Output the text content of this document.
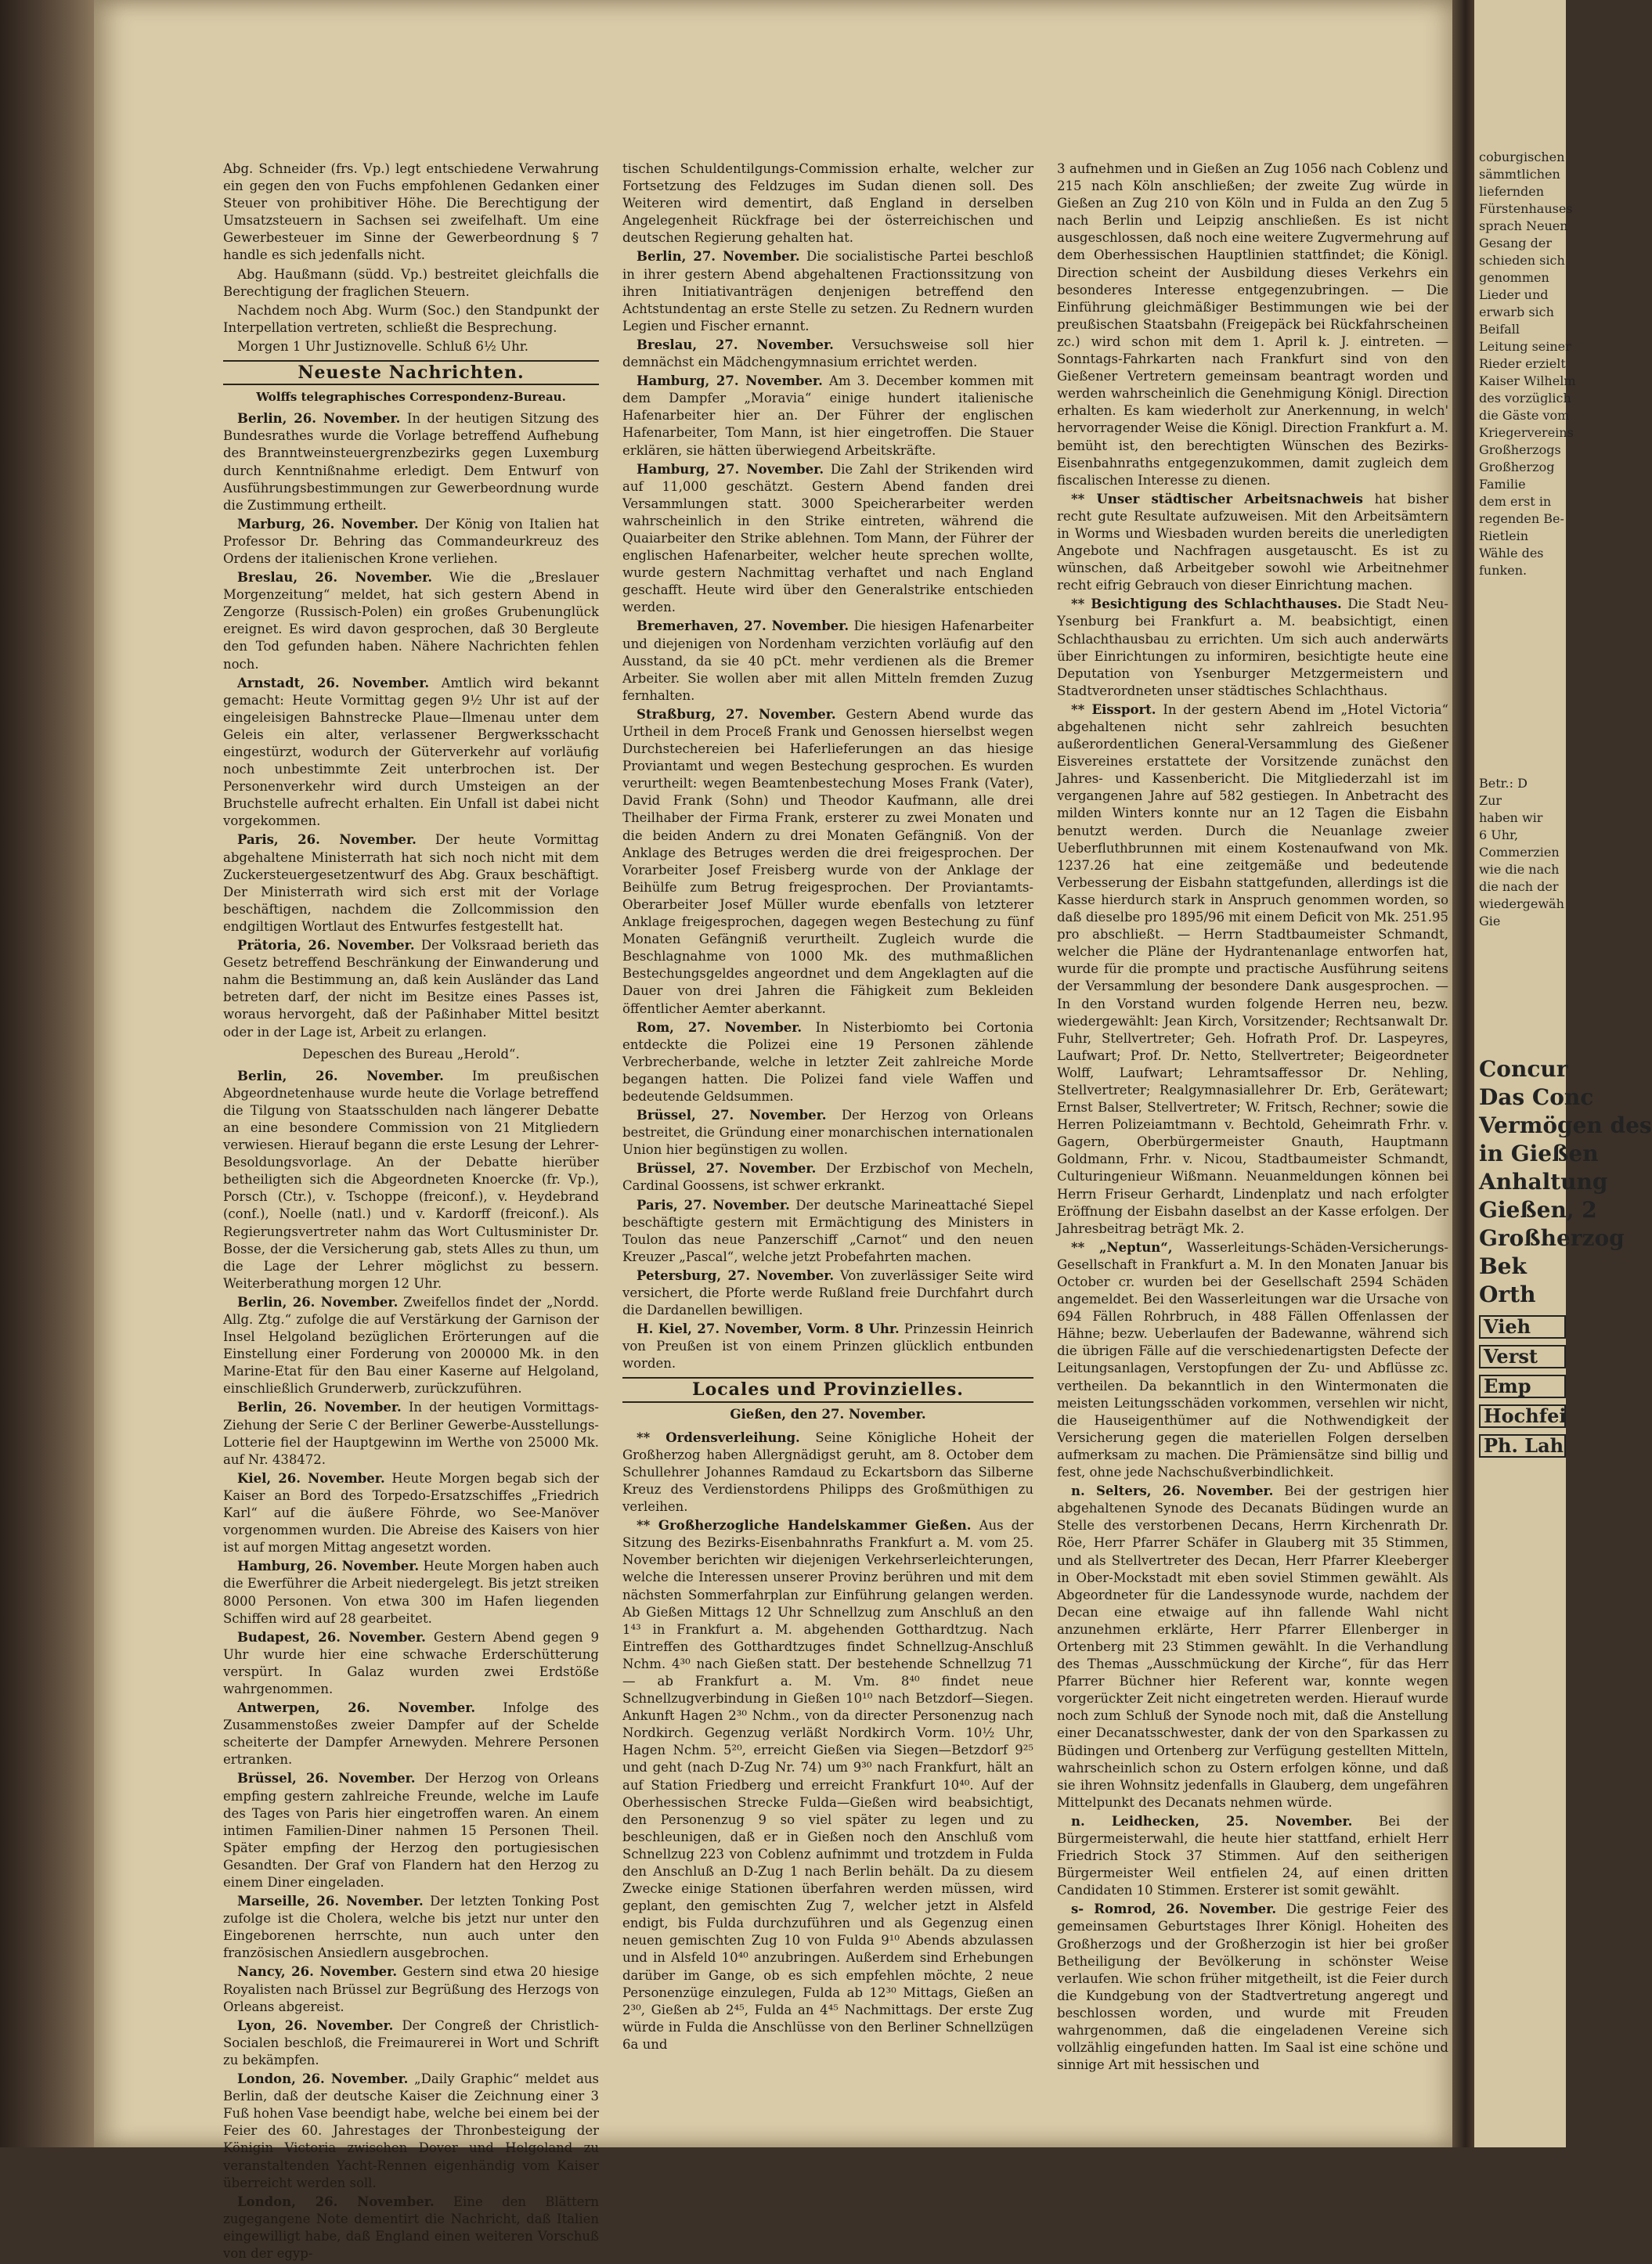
Abg. Schneider (frs. Vp.) legt entschiedene Verwahrung ein gegen den von Fuchs empfohlenen Gedanken einer Steuer von prohibitiver Höhe. Die Berechtigung der Umsatzsteuern in Sachsen sei zweifelhaft. Um eine Gewerbesteuer im Sinne der Gewerbeordnung § 7 handle es sich jedenfalls nicht.

Abg. Haußmann (südd. Vp.) bestreitet gleichfalls die Berechtigung der fraglichen Steuern.

Nachdem noch Abg. Wurm (Soc.) den Standpunkt der Interpellation vertreten, schließt die Besprechung.

Morgen 1 Uhr Justiznovelle. Schluß 6½ Uhr.

Neueste Nachrichten.
Wolffs telegraphisches Correspondenz-Bureau.

Berlin, 26. November. In der heutigen Sitzung des Bundesrathes wurde die Vorlage betreffend Aufhebung des Branntweinsteuergrenzbezirks gegen Luxemburg durch Kenntnißnahme erledigt. Dem Entwurf von Ausführungsbestimmungen zur Gewerbeordnung wurde die Zustimmung ertheilt.

Marburg, 26. November. Der König von Italien hat Professor Dr. Behring das Commandeurkreuz des Ordens der italienischen Krone verliehen.

Breslau, 26. November. Wie die „Breslauer Morgenzeitung“ meldet, hat sich gestern Abend in Zengorze (Russisch-Polen) ein großes Grubenunglück ereignet. Es wird davon gesprochen, daß 30 Bergleute den Tod gefunden haben. Nähere Nachrichten fehlen noch.

Arnstadt, 26. November. Amtlich wird bekannt gemacht: Heute Vormittag gegen 9½ Uhr ist auf der eingeleisigen Bahnstrecke Plaue—Ilmenau unter dem Geleis ein alter, verlassener Bergwerksschacht eingestürzt, wodurch der Güterverkehr auf vorläufig noch unbestimmte Zeit unterbrochen ist. Der Personenverkehr wird durch Umsteigen an der Bruchstelle aufrecht erhalten. Ein Unfall ist dabei nicht vorgekommen.

Paris, 26. November. Der heute Vormittag abgehaltene Ministerrath hat sich noch nicht mit dem Zuckersteuergesetzentwurf des Abg. Graux beschäftigt. Der Ministerrath wird sich erst mit der Vorlage beschäftigen, nachdem die Zollcommission den endgiltigen Wortlaut des Entwurfes festgestellt hat.

Prätoria, 26. November. Der Volksraad berieth das Gesetz betreffend Beschränkung der Einwanderung und nahm die Bestimmung an, daß kein Ausländer das Land betreten darf, der nicht im Besitze eines Passes ist, woraus hervorgeht, daß der Paßinhaber Mittel besitzt oder in der Lage ist, Arbeit zu erlangen.

Depeschen des Bureau „Herold“.

Berlin, 26. November. Im preußischen Abgeordnetenhause wurde heute die Vorlage betreffend die Tilgung von Staatsschulden nach längerer Debatte an eine besondere Commission von 21 Mitgliedern verwiesen. Hierauf begann die erste Lesung der Lehrer-Besoldungsvorlage. An der Debatte hierüber betheiligten sich die Abgeordneten Knoercke (fr. Vp.), Porsch (Ctr.), v. Tschoppe (freiconf.), v. Heydebrand (conf.), Noelle (natl.) und v. Kardorff (freiconf.). Als Regierungsvertreter nahm das Wort Cultusminister Dr. Bosse, der die Versicherung gab, stets Alles zu thun, um die Lage der Lehrer möglichst zu bessern. Weiterberathung morgen 12 Uhr.

Berlin, 26. November. Zweifellos findet der „Nordd. Allg. Ztg.“ zufolge die auf Verstärkung der Garnison der Insel Helgoland bezüglichen Erörterungen auf die Einstellung einer Forderung von 200000 Mk. in den Marine-Etat für den Bau einer Kaserne auf Helgoland, einschließlich Grunderwerb, zurückzuführen.

Berlin, 26. November. In der heutigen Vormittags-Ziehung der Serie C der Berliner Gewerbe-Ausstellungs-Lotterie fiel der Hauptgewinn im Werthe von 25000 Mk. auf Nr. 438472.

Kiel, 26. November. Heute Morgen begab sich der Kaiser an Bord des Torpedo-Ersatzschiffes „Friedrich Karl“ auf die äußere Föhrde, wo See-Manöver vorgenommen wurden. Die Abreise des Kaisers von hier ist auf morgen Mittag angesetzt worden.

Hamburg, 26. November. Heute Morgen haben auch die Ewerführer die Arbeit niedergelegt. Bis jetzt streiken 8000 Personen. Von etwa 300 im Hafen liegenden Schiffen wird auf 28 gearbeitet.

Budapest, 26. November. Gestern Abend gegen 9 Uhr wurde hier eine schwache Erderschütterung verspürt. In Galaz wurden zwei Erdstöße wahrgenommen.

Antwerpen, 26. November. Infolge des Zusammenstoßes zweier Dampfer auf der Schelde scheiterte der Dampfer Arnewyden. Mehrere Personen ertranken.

Brüssel, 26. November. Der Herzog von Orleans empfing gestern zahlreiche Freunde, welche im Laufe des Tages von Paris hier eingetroffen waren. An einem intimen Familien-Diner nahmen 15 Personen Theil. Später empfing der Herzog den portugiesischen Gesandten. Der Graf von Flandern hat den Herzog zu einem Diner eingeladen.

Marseille, 26. November. Der letzten Tonking Post zufolge ist die Cholera, welche bis jetzt nur unter den Eingeborenen herrschte, nun auch unter den französischen Ansiedlern ausgebrochen.

Nancy, 26. November. Gestern sind etwa 20 hiesige Royalisten nach Brüssel zur Begrüßung des Herzogs von Orleans abgereist.

Lyon, 26. November. Der Congreß der Christlich-Socialen beschloß, die Freimaurerei in Wort und Schrift zu bekämpfen.

London, 26. November. „Daily Graphic“ meldet aus Berlin, daß der deutsche Kaiser die Zeichnung einer 3 Fuß hohen Vase beendigt habe, welche bei einem bei der Feier des 60. Jahrestages der Thronbesteigung der Königin Victoria zwischen Dover und Helgoland zu veranstaltenden Yacht-Rennen eigenhändig vom Kaiser überreicht werden soll.

London, 26. November. Eine den Blättern zugegangene Note dementirt die Nachricht, daß Italien eingewilligt habe, daß England einen weiteren Vorschuß von der egyp-

tischen Schuldentilgungs-Commission erhalte, welcher zur Fortsetzung des Feldzuges im Sudan dienen soll. Des Weiteren wird dementirt, daß England in derselben Angelegenheit Rückfrage bei der österreichischen und deutschen Regierung gehalten hat.

Berlin, 27. November. Die socialistische Partei beschloß in ihrer gestern Abend abgehaltenen Fractionssitzung von ihren Initiativanträgen denjenigen betreffend den Achtstundentag an erste Stelle zu setzen. Zu Rednern wurden Legien und Fischer ernannt.

Breslau, 27. November. Versuchsweise soll hier demnächst ein Mädchengymnasium errichtet werden.

Hamburg, 27. November. Am 3. December kommen mit dem Dampfer „Moravia“ einige hundert italienische Hafenarbeiter hier an. Der Führer der englischen Hafenarbeiter, Tom Mann, ist hier eingetroffen. Die Stauer erklären, sie hätten überwiegend Arbeitskräfte.

Hamburg, 27. November. Die Zahl der Strikenden wird auf 11,000 geschätzt. Gestern Abend fanden drei Versammlungen statt. 3000 Speicherarbeiter werden wahrscheinlich in den Strike eintreten, während die Quaiarbeiter den Strike ablehnen. Tom Mann, der Führer der englischen Hafenarbeiter, welcher heute sprechen wollte, wurde gestern Nachmittag verhaftet und nach England geschafft. Heute wird über den Generalstrike entschieden werden.

Bremerhaven, 27. November. Die hiesigen Hafenarbeiter und diejenigen von Nordenham verzichten vorläufig auf den Ausstand, da sie 40 pCt. mehr verdienen als die Bremer Arbeiter. Sie wollen aber mit allen Mitteln fremden Zuzug fernhalten.

Straßburg, 27. November. Gestern Abend wurde das Urtheil in dem Proceß Frank und Genossen hierselbst wegen Durchstechereien bei Haferlieferungen an das hiesige Proviantamt und wegen Bestechung gesprochen. Es wurden verurtheilt: wegen Beamtenbestechung Moses Frank (Vater), David Frank (Sohn) und Theodor Kaufmann, alle drei Theilhaber der Firma Frank, ersterer zu zwei Monaten und die beiden Andern zu drei Monaten Gefängniß. Von der Anklage des Betruges werden die drei freigesprochen. Der Vorarbeiter Josef Freisberg wurde von der Anklage der Beihülfe zum Betrug freigesprochen. Der Proviantamts-Oberarbeiter Josef Müller wurde ebenfalls von letzterer Anklage freigesprochen, dagegen wegen Bestechung zu fünf Monaten Gefängniß verurtheilt. Zugleich wurde die Beschlagnahme von 1000 Mk. des muthmaßlichen Bestechungsgeldes angeordnet und dem Angeklagten auf die Dauer von drei Jahren die Fähigkeit zum Bekleiden öffentlicher Aemter aberkannt.

Rom, 27. November. In Nisterbiomto bei Cortonia entdeckte die Polizei eine 19 Personen zählende Verbrecherbande, welche in letzter Zeit zahlreiche Morde begangen hatten. Die Polizei fand viele Waffen und bedeutende Geldsummen.

Brüssel, 27. November. Der Herzog von Orleans bestreitet, die Gründung einer monarchischen internationalen Union hier begünstigen zu wollen.

Brüssel, 27. November. Der Erzbischof von Mecheln, Cardinal Goossens, ist schwer erkrankt.

Paris, 27. November. Der deutsche Marineattaché Siepel beschäftigte gestern mit Ermächtigung des Ministers in Toulon das neue Panzerschiff „Carnot“ und den neuen Kreuzer „Pascal“, welche jetzt Probefahrten machen.

Petersburg, 27. November. Von zuverlässiger Seite wird versichert, die Pforte werde Rußland freie Durchfahrt durch die Dardanellen bewilligen.

H. Kiel, 27. November, Vorm. 8 Uhr. Prinzessin Heinrich von Preußen ist von einem Prinzen glücklich entbunden worden.

Locales und Provinzielles.
Gießen, den 27. November.

** Ordensverleihung. Seine Königliche Hoheit der Großherzog haben Allergnädigst geruht, am 8. October dem Schullehrer Johannes Ramdaud zu Eckartsborn das Silberne Kreuz des Verdienstordens Philipps des Großmüthigen zu verleihen.

** Großherzogliche Handelskammer Gießen. Aus der Sitzung des Bezirks-Eisenbahnraths Frankfurt a. M. vom 25. November berichten wir diejenigen Verkehrserleichterungen, welche die Interessen unserer Provinz berühren und mit dem nächsten Sommerfahrplan zur Einführung gelangen werden. Ab Gießen Mittags 12 Uhr Schnellzug zum Anschluß an den 1⁴³ in Frankfurt a. M. abgehenden Gotthardtzug. Nach Eintreffen des Gotthardtzuges findet Schnellzug-Anschluß Nchm. 4³⁰ nach Gießen statt. Der bestehende Schnellzug 71 — ab Frankfurt a. M. Vm. 8⁴⁰ findet neue Schnellzugverbindung in Gießen 10¹⁰ nach Betzdorf—Siegen. Ankunft Hagen 2³⁰ Nchm., von da directer Personenzug nach Nordkirch. Gegenzug verläßt Nordkirch Vorm. 10½ Uhr, Hagen Nchm. 5²⁰, erreicht Gießen via Siegen—Betzdorf 9²⁵ und geht (nach D-Zug Nr. 74) um 9³⁰ nach Frankfurt, hält an auf Station Friedberg und erreicht Frankfurt 10⁴⁰. Auf der Oberhessischen Strecke Fulda—Gießen wird beabsichtigt, den Personenzug 9 so viel später zu legen und zu beschleunigen, daß er in Gießen noch den Anschluß vom Schnellzug 223 von Coblenz aufnimmt und trotzdem in Fulda den Anschluß an D-Zug 1 nach Berlin behält. Da zu diesem Zwecke einige Stationen überfahren werden müssen, wird geplant, den gemischten Zug 7, welcher jetzt in Alsfeld endigt, bis Fulda durchzuführen und als Gegenzug einen neuen gemischten Zug 10 von Fulda 9¹⁰ Abends abzulassen und in Alsfeld 10⁴⁰ anzubringen. Außerdem sind Erhebungen darüber im Gange, ob es sich empfehlen möchte, 2 neue Personenzüge einzulegen, Fulda ab 12³⁰ Mittags, Gießen an 2³⁰, Gießen ab 2⁴⁵, Fulda an 4⁴⁵ Nachmittags. Der erste Zug würde in Fulda die Anschlüsse von den Berliner Schnellzügen 6a und

3 aufnehmen und in Gießen an Zug 1056 nach Coblenz und 215 nach Köln anschließen; der zweite Zug würde in Gießen an Zug 210 von Köln und in Fulda an den Zug 5 nach Berlin und Leipzig anschließen. Es ist nicht ausgeschlossen, daß noch eine weitere Zugvermehrung auf dem Oberhessischen Hauptlinien stattfindet; die Königl. Direction scheint der Ausbildung dieses Verkehrs ein besonderes Interesse entgegenzubringen. — Die Einführung gleichmäßiger Bestimmungen wie bei der preußischen Staatsbahn (Freigepäck bei Rückfahrscheinen zc.) wird schon mit dem 1. April k. J. eintreten. — Sonntags-Fahrkarten nach Frankfurt sind von den Gießener Vertretern gemeinsam beantragt worden und werden wahrscheinlich die Genehmigung Königl. Direction erhalten. Es kam wiederholt zur Anerkennung, in welch' hervorragender Weise die Königl. Direction Frankfurt a. M. bemüht ist, den berechtigten Wünschen des Bezirks-Eisenbahnraths entgegenzukommen, damit zugleich dem fiscalischen Interesse zu dienen.

** Unser städtischer Arbeitsnachweis hat bisher recht gute Resultate aufzuweisen. Mit den Arbeitsämtern in Worms und Wiesbaden wurden bereits die unerledigten Angebote und Nachfragen ausgetauscht. Es ist zu wünschen, daß Arbeitgeber sowohl wie Arbeitnehmer recht eifrig Gebrauch von dieser Einrichtung machen.

** Besichtigung des Schlachthauses. Die Stadt Neu-Ysenburg bei Frankfurt a. M. beabsichtigt, einen Schlachthausbau zu errichten. Um sich auch anderwärts über Einrichtungen zu informiren, besichtigte heute eine Deputation von Ysenburger Metzgermeistern und Stadtverordneten unser städtisches Schlachthaus.

** Eissport. In der gestern Abend im „Hotel Victoria“ abgehaltenen nicht sehr zahlreich besuchten außerordentlichen General-Versammlung des Gießener Eisvereines erstattete der Vorsitzende zunächst den Jahres- und Kassenbericht. Die Mitgliederzahl ist im vergangenen Jahre auf 582 gestiegen. In Anbetracht des milden Winters konnte nur an 12 Tagen die Eisbahn benutzt werden. Durch die Neuanlage zweier Ueberfluthbrunnen mit einem Kostenaufwand von Mk. 1237.26 hat eine zeitgemäße und bedeutende Verbesserung der Eisbahn stattgefunden, allerdings ist die Kasse hierdurch stark in Anspruch genommen worden, so daß dieselbe pro 1895/96 mit einem Deficit von Mk. 251.95 pro abschließt. — Herrn Stadtbaumeister Schmandt, welcher die Pläne der Hydrantenanlage entworfen hat, wurde für die prompte und practische Ausführung seitens der Versammlung der besondere Dank ausgesprochen. — In den Vorstand wurden folgende Herren neu, bezw. wiedergewählt: Jean Kirch, Vorsitzender; Rechtsanwalt Dr. Fuhr, Stellvertreter; Geh. Hofrath Prof. Dr. Laspeyres, Laufwart; Prof. Dr. Netto, Stellvertreter; Beigeordneter Wolff, Laufwart; Lehramtsaffessor Dr. Nehling, Stellvertreter; Realgymnasiallehrer Dr. Erb, Gerätewart; Ernst Balser, Stellvertreter; W. Fritsch, Rechner; sowie die Herren Polizeiamtmann v. Bechtold, Geheimrath Frhr. v. Gagern, Oberbürgermeister Gnauth, Hauptmann Goldmann, Frhr. v. Nicou, Stadtbaumeister Schmandt, Culturingenieur Wißmann. Neuanmeldungen können bei Herrn Friseur Gerhardt, Lindenplatz und nach erfolgter Eröffnung der Eisbahn daselbst an der Kasse erfolgen. Der Jahresbeitrag beträgt Mk. 2.

** „Neptun“, Wasserleitungs-Schäden-Versicherungs-Gesellschaft in Frankfurt a. M. In den Monaten Januar bis October cr. wurden bei der Gesellschaft 2594 Schäden angemeldet. Bei den Wasserleitungen war die Ursache von 694 Fällen Rohrbruch, in 488 Fällen Offenlassen der Hähne; bezw. Ueberlaufen der Badewanne, während sich die übrigen Fälle auf die verschiedenartigsten Defecte der Leitungsanlagen, Verstopfungen der Zu- und Abflüsse zc. vertheilen. Da bekanntlich in den Wintermonaten die meisten Leitungsschäden vorkommen, versehlen wir nicht, die Hauseigenthümer auf die Nothwendigkeit der Versicherung gegen die materiellen Folgen derselben aufmerksam zu machen. Die Prämiensätze sind billig und fest, ohne jede Nachschußverbindlichkeit.

n. Selters, 26. November. Bei der gestrigen hier abgehaltenen Synode des Decanats Büdingen wurde an Stelle des verstorbenen Decans, Herrn Kirchenrath Dr. Röe, Herr Pfarrer Schäfer in Glauberg mit 35 Stimmen, und als Stellvertreter des Decan, Herr Pfarrer Kleeberger in Ober-Mockstadt mit eben soviel Stimmen gewählt. Als Abgeordneter für die Landessynode wurde, nachdem der Decan eine etwaige auf ihn fallende Wahl nicht anzunehmen erklärte, Herr Pfarrer Ellenberger in Ortenberg mit 23 Stimmen gewählt. In die Verhandlung des Themas „Ausschmückung der Kirche“, für das Herr Pfarrer Büchner hier Referent war, konnte wegen vorgerückter Zeit nicht eingetreten werden. Hierauf wurde noch zum Schluß der Synode noch mit, daß die Anstellung einer Decanatsschwester, dank der von den Sparkassen zu Büdingen und Ortenberg zur Verfügung gestellten Mitteln, wahrscheinlich schon zu Ostern erfolgen könne, und daß sie ihren Wohnsitz jedenfalls in Glauberg, dem ungefähren Mittelpunkt des Decanats nehmen würde.

n. Leidhecken, 25. November. Bei der Bürgermeisterwahl, die heute hier stattfand, erhielt Herr Friedrich Stock 37 Stimmen. Auf den seitherigen Bürgermeister Weil entfielen 24, auf einen dritten Candidaten 10 Stimmen. Ersterer ist somit gewählt.

s- Romrod, 26. November. Die gestrige Feier des gemeinsamen Geburtstages Ihrer Königl. Hoheiten des Großherzogs und der Großherzogin ist hier bei großer Betheiligung der Bevölkerung in schönster Weise verlaufen. Wie schon früher mitgetheilt, ist die Feier durch die Kundgebung von der Stadtvertretung angeregt und beschlossen worden, und wurde mit Freuden wahrgenommen, daß die eingeladenen Vereine sich vollzählig eingefunden hatten. Im Saal ist eine schöne und sinnige Art mit hessischen und

coburgischen
sämmtlichen
liefernden
Fürstenhauses
sprach Neuen
Gesang der
schieden sich
genommen
Lieder und
erwarb sich
Beifall
Leitung seiner
Rieder erzielt
Kaiser Wilhelm
des vorzüglich
die Gäste vom
Kriegervereins
Großherzogs
Großherzog
Familie
dem erst in
regenden Be-
Rietlein
Wähle des
funken.
Betr.: D
Zur
haben wir
6 Uhr,
Commerzien
wie die nach
die nach der
wiedergewäh
Gie
Concur
Das Conc
Vermögen des
in Gießen
Anhaltung
Gießen, 2
Großherzog
Bek
Orth
Vieh
Verst
Emp
Hochfei
Ph. Lah
